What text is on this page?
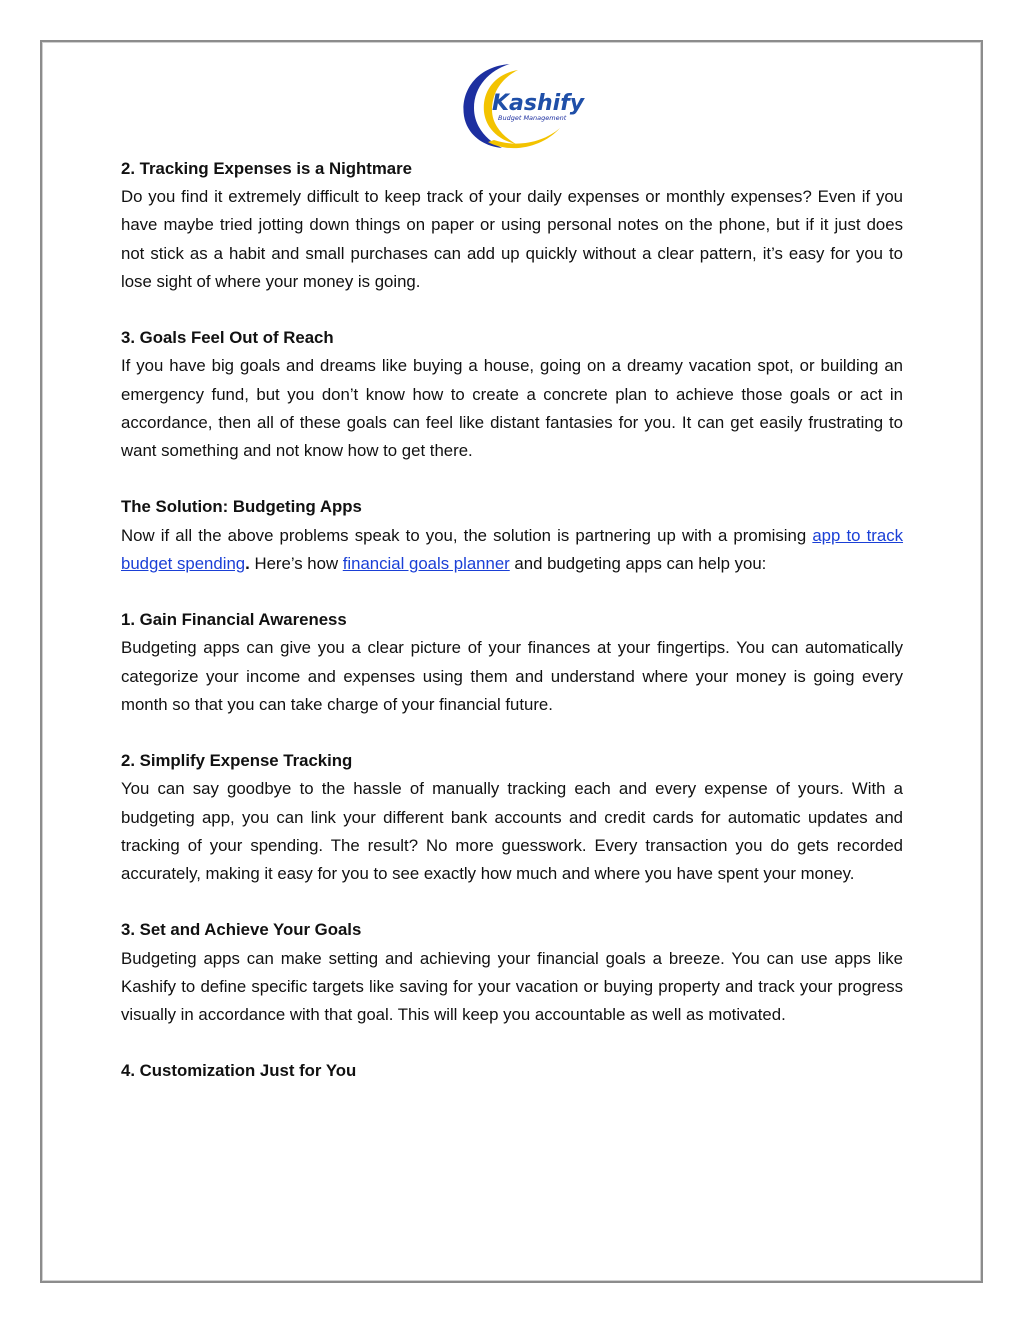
Kashify
Budget Management

2. Tracking Expenses is a Nightmare

Do you find it extremely difficult to keep track of your daily expenses or monthly expenses? Even if you have maybe tried jotting down things on paper or using personal notes on the phone, but if it just does not stick as a habit and small purchases can add up quickly without a clear pattern, it’s easy for you to lose sight of where your money is going.

3. Goals Feel Out of Reach

If you have big goals and dreams like buying a house, going on a dreamy vacation spot, or building an emergency fund, but you don’t know how to create a concrete plan to achieve those goals or act in accordance, then all of these goals can feel like distant fantasies for you. It can get easily frustrating to want something and not know how to get there.

The Solution: Budgeting Apps

Now if all the above problems speak to you, the solution is partnering up with a promising app to track budget spending. Here’s how financial goals planner and budgeting apps can help you:

1. Gain Financial Awareness

Budgeting apps can give you a clear picture of your finances at your fingertips. You can automatically categorize your income and expenses using them and understand where your money is going every month so that you can take charge of your financial future.

2. Simplify Expense Tracking

You can say goodbye to the hassle of manually tracking each and every expense of yours. With a budgeting app, you can link your different bank accounts and credit cards for automatic updates and tracking of your spending. The result? No more guesswork. Every transaction you do gets recorded accurately, making it easy for you to see exactly how much and where you have spent your money.

3. Set and Achieve Your Goals

Budgeting apps can make setting and achieving your financial goals a breeze. You can use apps like Kashify to define specific targets like saving for your vacation or buying property and track your progress visually in accordance with that goal. This will keep you accountable as well as motivated.

4. Customization Just for You
